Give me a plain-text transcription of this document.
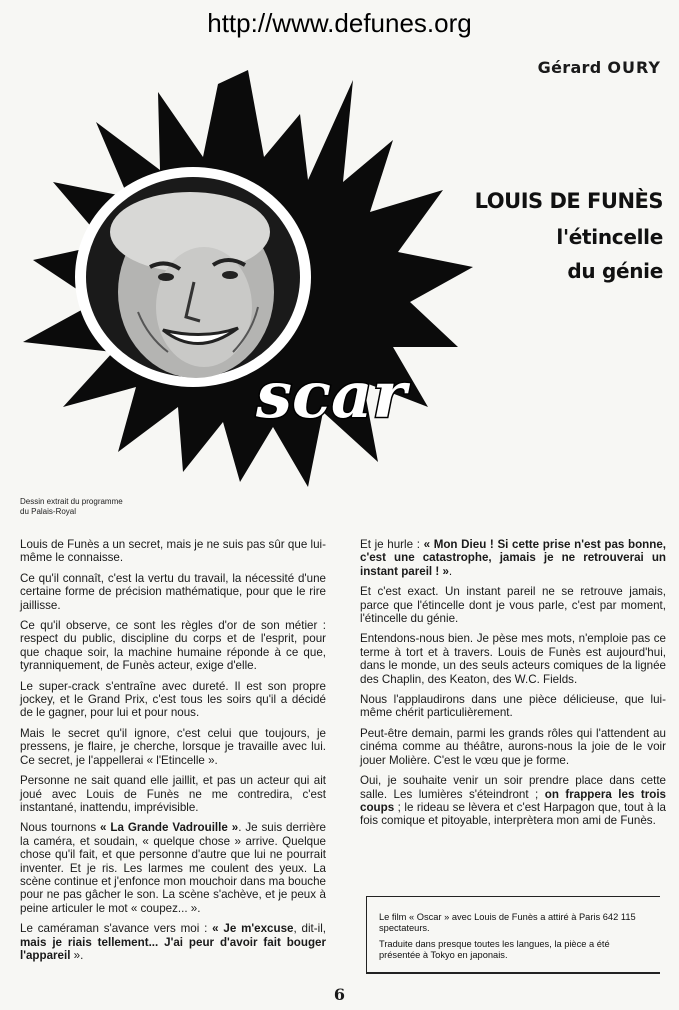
http://www.defunes.org
Gérard OURY
scar
LOUIS DE FUNÈS
l'étincelle
du génie
Dessin extrait du programme
du Palais-Royal

Louis de Funès a un secret, mais je ne suis pas sûr que lui-même le connaisse.

Ce qu'il connaît, c'est la vertu du travail, la nécessité d'une certaine forme de précision mathématique, pour que le rire jaillisse.

Ce qu'il observe, ce sont les règles d'or de son métier : respect du public, discipline du corps et de l'esprit, pour que chaque soir, la machine humaine réponde à ce que, tyranniquement, de Funès acteur, exige d'elle.

Le super-crack s'entraîne avec dureté. Il est son propre jockey, et le Grand Prix, c'est tous les soirs qu'il a décidé de le gagner, pour lui et pour nous.

Mais le secret qu'il ignore, c'est celui que toujours, je pressens, je flaire, je cherche, lorsque je travaille avec lui. Ce secret, je l'appellerai « l'Etincelle ».

Personne ne sait quand elle jaillit, et pas un acteur qui ait joué avec Louis de Funès ne me contredira, c'est instantané, inattendu, imprévisible.

Nous tournons « La Grande Vadrouille ». Je suis derrière la caméra, et soudain, « quelque chose » arrive. Quelque chose qu'il fait, et que personne d'autre que lui ne pourrait inventer. Et je ris. Les larmes me coulent des yeux. La scène continue et j'enfonce mon mouchoir dans ma bouche pour ne pas gâcher le son. La scène s'achève, et je peux à peine articuler le mot « coupez... ».

Le caméraman s'avance vers moi : « Je m'excuse, dit-il, mais je riais tellement... J'ai peur d'avoir fait bouger l'appareil ».

Et je hurle : « Mon Dieu ! Si cette prise n'est pas bonne, c'est une catastrophe, jamais je ne retrouverai un instant pareil ! ».

Et c'est exact. Un instant pareil ne se retrouve jamais, parce que l'étincelle dont je vous parle, c'est par moment, l'étincelle du génie.

Entendons-nous bien. Je pèse mes mots, n'emploie pas ce terme à tort et à travers. Louis de Funès est aujourd'hui, dans le monde, un des seuls acteurs comiques de la lignée des Chaplin, des Keaton, des W.C. Fields.

Nous l'applaudirons dans une pièce délicieuse, que lui-même chérit particulièrement.

Peut-être demain, parmi les grands rôles qui l'attendent au cinéma comme au théâtre, aurons-nous la joie de le voir jouer Molière. C'est le vœu que je forme.

Oui, je souhaite venir un soir prendre place dans cette salle. Les lumières s'éteindront ; on frappera les trois coups ; le rideau se lèvera et c'est Harpagon que, tout à la fois comique et pitoyable, interprètera mon ami de Funès.

Le film « Oscar » avec Louis de Funès a attiré à Paris 642 115 spectateurs.

Traduite dans presque toutes les langues, la pièce a été présentée à Tokyo en japonais.

6
